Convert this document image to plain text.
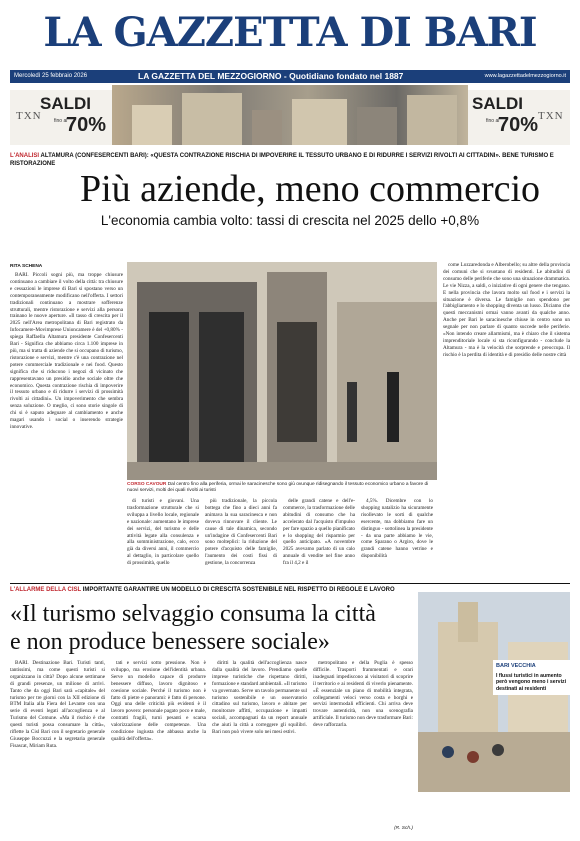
LA GAZZETTA DI BARI
Mercoledì 25 febbraio 2026	LA GAZZETTA DEL MEZZOGIORNO - Quotidiano fondato nel 1887	www.lagazzettadelmezzogiorno.it
SALDI
fino al
70%
TXN
SALDI
fino al
70% TXN
L'ANALISI ALTAMURA (CONFESERCENTI BARI): «QUESTA CONTRAZIONE RISCHIA DI IMPOVERIRE IL TESSUTO URBANO E DI RIDURRE I SERVIZI RIVOLTI AI CITTADINI». BENE TURISMO E RISTORAZIONE
Più aziende, meno commercio
L'economia cambia volto: tassi di crescita nel 2025 dello +0,8%
RITA SCHENA

BARI. Piccoli sogni più, ma troppe chiusure continuano a cambiare il volto della città: tra chiusure e cessazioni le imprese di Bari si spostano verso un contemporaneamente modificano nell'offerta. I settori tradizionali continuano a mostrare sofferenze strutturali, mentre ristorazione e servizi alla persona trainano le nuove aperture. «Il tasso di crescita per il 2025 nell'Area metropolitana di Bari registrato da Infocamere-Movimprese Unioncamere è del +0,80% - spiega Raffaella Altamura presidente Confesercenti Bari - Significa che abbiamo circa 1.100 imprese in più, ma si tratta di aziende che si occupano di turismo, ristorazione e servizi, mentre c'è una contrazione nel potere commerciale tradizionale e nei food. Questo significa che si riducono i negozi di vicinato che rappresentavano un presidio anche sociale oltre che economico. Questa contrazione rischia di impoverire il tessuto urbano e di ridurre i servizi di prossimità rivolti ai cittadini». Un impoverimento che sembra senza soluzione. O meglio, ci sono storie singole di chi si è saputo adeguare al cambiamento e anche magari usando i social o inserendo strategie innovative.

CORSO CAVOUR Dal centro fino alla periferia, ormai le saracinesche sono giù ovunque ridisegnando il tessuto economico urbano a favore di nuovi servizi, molti dei quali rivolti ai turisti

di turisti e giovani. Una trasformazione strutturale che si sviluppa a livello locale, regionale e nazionale: aumentano le imprese dei servizi, del turismo e delle attività legate alla consulenza e alla somministrazione, calo, ecco già da diversi anni, il commercio al dettaglio, in particolare quello di prossimità, quello

più tradizionale, la piccola bottega che fino a dieci anni fa animava la sua saracinesca e non doveva rinnovare il cliente. Le cause di tale dinamica, secondo un'indagine di Confesercenti Bari sono molteplici: la riduzione del potere d'acquisto delle famiglie, l'aumento dei costi fissi di gestione, la concorrenza

delle grandi catene e dell'e-commerce, la trasformazione delle abitudini di consumo che ha accelerato dal l'acquisto d'impulso per fare spazio a quello pianificato e lo shopping del risparmio per quello anticipato. «A novembre 2025 avevamo parlato di un calo annuale di vendite nel fine anno fra il 4,2 e il

4,5%. Dicembre con lo shopping natalizio ha sicuramente risollevato le sorti di qualche esercente, ma dobbiamo fare un distinguo - sottolinea la presidente - da una parte abbiamo le vie, come Sparano o Argiro, dove le grandi catene hanno vetrine e disponibilità

come Lozzaredonda e Alberobello; su altre della provincia dei comuni che si svuotano di residenti. Le abitudini di consumo delle periferie che sono una situazione drammatica. Le vie Nizza, a saldi, o iniziative di ogni genere che tengano. E nella provincia che lavora molto sul food e i servizi la situazione è diversa. Le famiglie non spendono per l'abbigliamento e lo shopping diventa un lusso. Diciamo che questi meccanismi ormai vanno avanti da qualche anno. Anche per Bari le saracinesche chiuse in centro sono un segnale per non parlare di quanto succede nelle periferie. «Non intendo creare allarmismi, ma è chiaro che il sistema imprenditoriale locale si sta riconfigurando - conclude la Altamura - ma è la velocità che sorprende e preoccupa. Il rischio è la perdita di identità e di presidio delle nostre città

L'ALLARME DELLA CISL IMPORTANTE GARANTIRE UN MODELLO DI CRESCITA SOSTENIBILE NEL RISPETTO DI REGOLE E LAVORO
«Il turismo selvaggio consuma la città
e non produce benessere sociale»

BARI. Destinazione Bari. Turisti tanti, tantissimi, ma come questi turisti si organizzano in città? Dopo alcune settimane di grandi presenze, un milione di arrivi. Tanto che da oggi Bari sarà «capitale» del turismo per tre giorni con la XII edizione di BTM Italia alla Fiera del Levante con una serie di eventi legati all'accoglienza e al Turismo del Comune. «Ma il rischio è che questi turisti possa consumare la città», riflette la Cisl Bari con il segretario generale Giuseppe Boccuzzi e la segretaria generale Fisascat, Miriam Ruta.

tati e servizi sotto pressione. Non è sviluppo, ma erosione dell'identità urbana. Serve un modello capace di produrre benessere diffuso, lavoro dignitoso e coesione sociale. Perché il turismo non è fatto di pietre e panorami: è fatto di persone. Oggi una delle criticità più evidenti è il lavoro povero: personale pagato poco e male, contratti fragili, turni pesanti e scarsa valorizzazione delle competenze. Una condizione ingiusta che abbassa anche la qualità dell'offerta».

diritti la qualità dell'accoglienza nasce dalla qualità del lavoro. Prendiamo quelle imprese turistiche che rispettano diritti, formazione e standard ambientali. «Il turismo va governato. Serve un tavolo permanente sul turismo sostenibile e un osservatorio cittadino sul turismo, lavoro e abitare per monitorare affitti, occupazione e impatti sociali, accompagnati da un report annuale che aiuti la città a correggere gli squilibri. Bari non può vivere solo nei mesi estivi.

metropolitano e della Puglia è spesso difficile. Trasporti frammentati e orari inadeguati impediscono ai visitatori di scoprire il territorio e ai residenti di viverlo pienamente. «È essenziale un piano di mobilità integrata, collegamenti veloci verso costa e borghi e servizi intermodali efficienti. Chi arriva deve trovare autenticità, non una scenografia artificiale. Il turismo non deve trasformare Bari: deve rafforzarla.

(R. Sch.)
BARI VECCHIA
I flussi turistici in aumento però vengono meno i servizi destinati ai residenti
